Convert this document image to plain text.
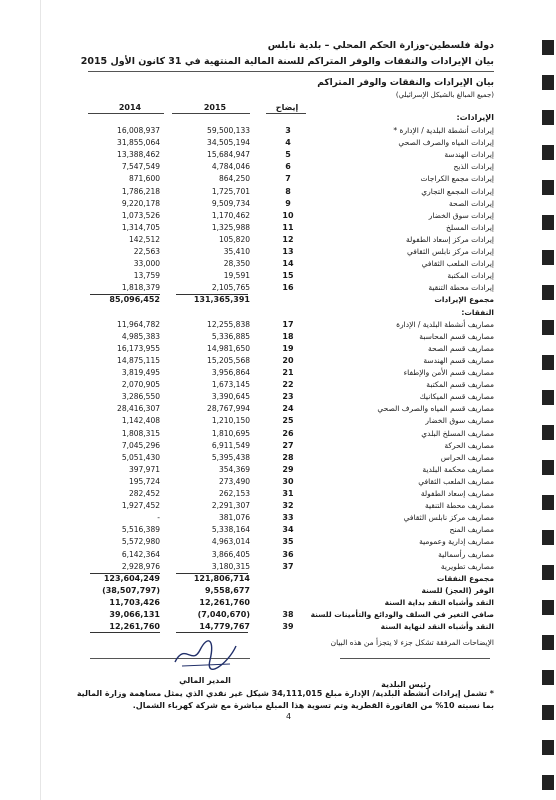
دولة فلسطين-وزارة الحكم المحلي – بلدية نابلس
بيان الإيرادات والنفقات والوفر المتراكم للسنة المالية المنتهية في 31 كانون الأول 2015
بيان الإيرادات والنفقات والوفر المتراكم
(جميع المبالغ بالشيكل الإسرائيلي)
2014	2015	إيضاح
الإيرادات:
16,008,937	59,500,133	3	إيرادات أنشطة البلدية / الإدارة *
31,855,064	34,505,194	4	إيرادات المياه والصرف الصحي
13,388,462	15,684,947	5	إيرادات الهندسة
7,547,549	4,784,046	6	إيرادات الذبح
871,600	864,250	7	إيرادات مجمع الكراجات
1,786,218	1,725,701	8	إيرادات المجمع التجاري
9,220,178	9,509,734	9	إيرادات الصحة
1,073,526	1,170,462	10	إيرادات سوق الخضار
1,314,705	1,325,988	11	إيرادات المسلخ
142,512	105,820	12	إيرادات مركز إسعاد الطفولة
22,563	35,410	13	إيرادات مركز نابلس الثقافي
33,000	28,350	14	إيرادات الملعب الثقافي
13,759	19,591	15	إيرادات المكتبة
1,818,379	2,105,765	16	إيرادات محطة التنقية
85,096,452	131,365,391	مجموع الإيرادات
النفقات:
11,964,782	12,255,838	17	مصاريف أنشطة البلدية / الإدارة
4,985,383	5,336,885	18	مصاريف قسم المحاسبة
16,173,955	14,981,650	19	مصاريف قسم الصحة
14,875,115	15,205,568	20	مصاريف قسم الهندسة
3,819,495	3,956,864	21	مصاريف قسم الأمن والإطفاء
2,070,905	1,673,145	22	مصاريف قسم المكتبة
3,286,550	3,390,645	23	مصاريف قسم الميكانيك
28,416,307	28,767,994	24	مصاريف قسم المياه والصرف الصحي
1,142,408	1,210,150	25	مصاريف سوق الخضار
1,808,315	1,810,695	26	مصاريف المسلخ البلدي
7,045,296	6,911,549	27	مصاريف الحركة
5,051,430	5,395,438	28	مصاريف الحراس
397,971	354,369	29	مصاريف محكمة البلدية
195,724	273,490	30	مصاريف الملعب الثقافي
282,452	262,153	31	مصاريف إسعاد الطفولة
1,927,452	2,291,307	32	مصاريف محطة التنقية
-	381,076	33	مصاريف مركز نابلس الثقافي
5,516,389	5,338,164	34	مصاريف المنح
5,572,980	4,963,014	35	مصاريف إدارية وعمومية
6,142,364	3,866,405	36	مصاريف رأسمالية
2,928,976	3,180,315	37	مصاريف تطويرية
123,604,249	121,806,714	مجموع النفقات
(38,507,797)	9,558,677	الوفر (العجز) للسنة
11,703,426	12,261,760	النقد وأشباه النقد بداية السنة
39,066,131	(7,040,670)	38	صافي التغير في السلف والودائع والتأمينات للسنة
12,261,760	14,779,767	39	النقد وأشباه النقد لنهاية السنة
الإيضاحات المرفقة تشكل جزء لا يتجزأ من هذه البيان
المدير المالي	رئيس البلدية
* تشمل إيرادات أنشطة البلدية/ الإدارة مبلغ 34,111,015 شيكل غير نقدي الذي يمثل مساهمة وزارة المالية بما نسبته 10% من الفاتورة القطرية وتم تسوية هذا المبلغ مباشرة مع شركة كهرباء الشمال.
4
